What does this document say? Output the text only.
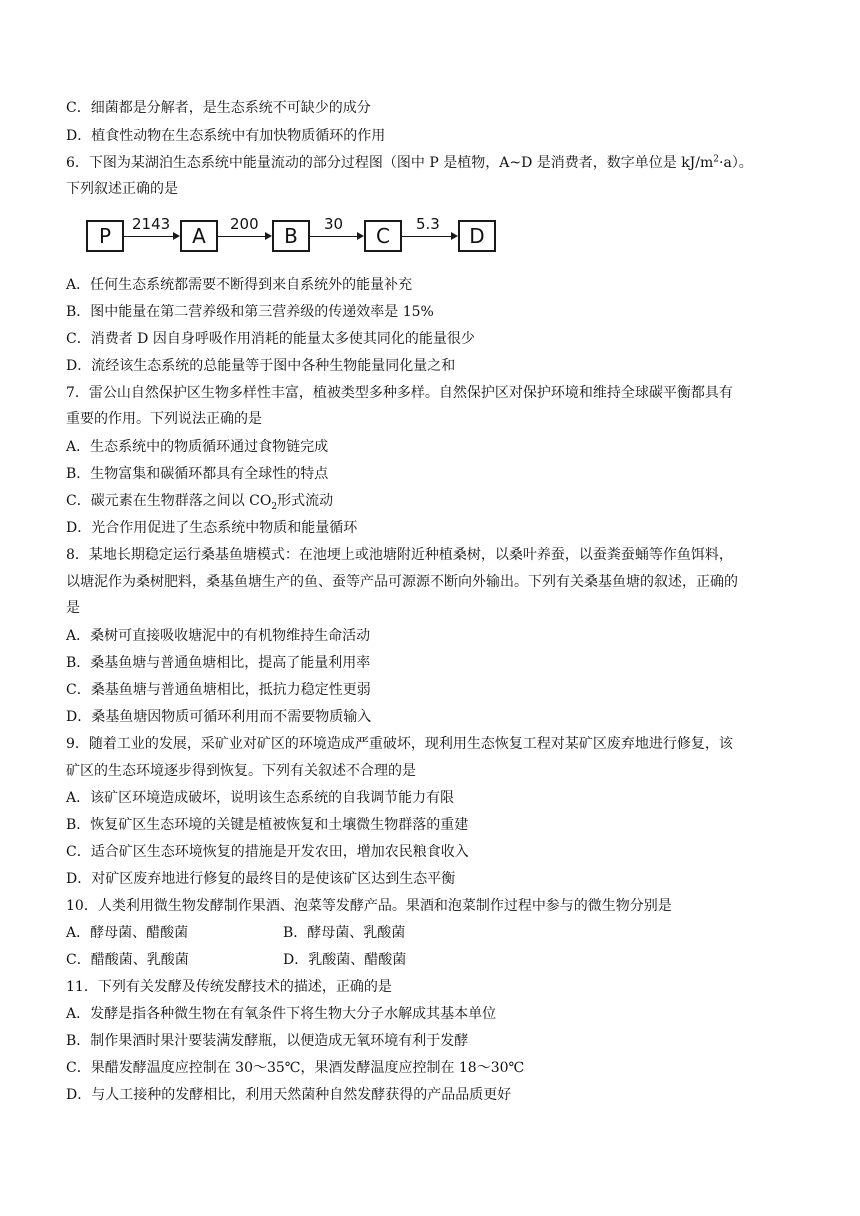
C．细菌都是分解者，是生态系统不可缺少的成分
D．植食性动物在生态系统中有加快物质循环的作用
6．下图为某湖泊生态系统中能量流动的部分过程图（图中 P 是植物，A~D 是消费者，数字单位是 $kJ/m^2\cdot a$）。
下列叙述正确的是
P	2143	A	200	B	30	C	5.3	D
A．任何生态系统都需要不断得到来自系统外的能量补充
B．图中能量在第二营养级和第三营养级的传递效率是 15%
C．消费者 D 因自身呼吸作用消耗的能量太多使其同化的能量很少
D．流经该生态系统的总能量等于图中各种生物能量同化量之和
7．雷公山自然保护区生物多样性丰富，植被类型多种多样。自然保护区对保护环境和维持全球碳平衡都具有
重要的作用。下列说法正确的是
A．生态系统中的物质循环通过食物链完成
B．生物富集和碳循环都具有全球性的特点
C．碳元素在生物群落之间以 $CO_2$形式流动
D．光合作用促进了生态系统中物质和能量循环
8．某地长期稳定运行桑基鱼塘模式：在池埂上或池塘附近种植桑树，以桑叶养蚕，以蚕粪蚕蛹等作鱼饵料，
以塘泥作为桑树肥料，桑基鱼塘生产的鱼、蚕等产品可源源不断向外输出。下列有关桑基鱼塘的叙述，正确的
是
A．桑树可直接吸收塘泥中的有机物维持生命活动
B．桑基鱼塘与普通鱼塘相比，提高了能量利用率
C．桑基鱼塘与普通鱼塘相比，抵抗力稳定性更弱
D．桑基鱼塘因物质可循环利用而不需要物质输入
9．随着工业的发展，采矿业对矿区的环境造成严重破坏，现利用生态恢复工程对某矿区废弃地进行修复，该
矿区的生态环境逐步得到恢复。下列有关叙述不合理的是
A．该矿区环境造成破坏，说明该生态系统的自我调节能力有限
B．恢复矿区生态环境的关键是植被恢复和土壤微生物群落的重建
C．适合矿区生态环境恢复的措施是开发农田，增加农民粮食收入
D．对矿区废弃地进行修复的最终目的是使该矿区达到生态平衡
10．人类利用微生物发酵制作果酒、泡菜等发酵产品。果酒和泡菜制作过程中参与的微生物分别是
A．酵母菌、醋酸菌	B．酵母菌、乳酸菌
C．醋酸菌、乳酸菌	D．乳酸菌、醋酸菌
11．下列有关发酵及传统发酵技术的描述，正确的是
A．发酵是指各种微生物在有氧条件下将生物大分子水解成其基本单位
B．制作果酒时果汁要装满发酵瓶，以便造成无氧环境有利于发酵
C．果醋发酵温度应控制在 30～35℃，果酒发酵温度应控制在 18～30℃
D．与人工接种的发酵相比，利用天然菌种自然发酵获得的产品品质更好
